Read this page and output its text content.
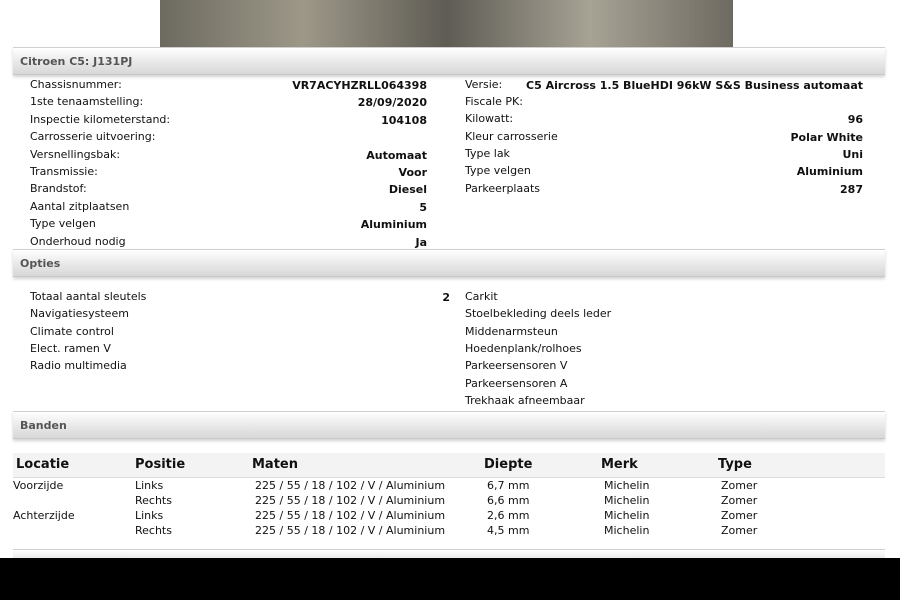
Citroen C5: J131PJ
Chassisnummer:	VR7ACYHZRLL064398
1ste tenaamstelling:	28/09/2020
Inspectie kilometerstand:	104108
Carrosserie uitvoering:
Versnellingsbak:	Automaat
Transmissie:	Voor
Brandstof:	Diesel
Aantal zitplaatsen	5
Type velgen	Aluminium
Onderhoud nodig	Ja
Versie: C5 Aircross 1.5 BlueHDI 96kW S&S Business automaat
Fiscale PK:
Kilowatt:	96
Kleur carrosserie	Polar White
Type lak	Uni
Type velgen	Aluminium
Parkeerplaats	287
Opties
Totaal aantal sleutels	2
Navigatiesysteem
Climate control
Elect. ramen V
Radio multimedia
Carkit
Stoelbekleding deels leder
Middenarmsteun
Hoedenplank/rolhoes
Parkeersensoren V
Parkeersensoren A
Trekhaak afneembaar
Banden
Locatie	Positie	Maten	Diepte	Merk	Type
Voorzijde	Links	225 / 55 / 18 / 102 / V / Aluminium	6,7 mm	Michelin	Zomer
	Rechts	225 / 55 / 18 / 102 / V / Aluminium	6,6 mm	Michelin	Zomer
Achterzijde	Links	225 / 55 / 18 / 102 / V / Aluminium	2,6 mm	Michelin	Zomer
	Rechts	225 / 55 / 18 / 102 / V / Aluminium	4,5 mm	Michelin	Zomer
